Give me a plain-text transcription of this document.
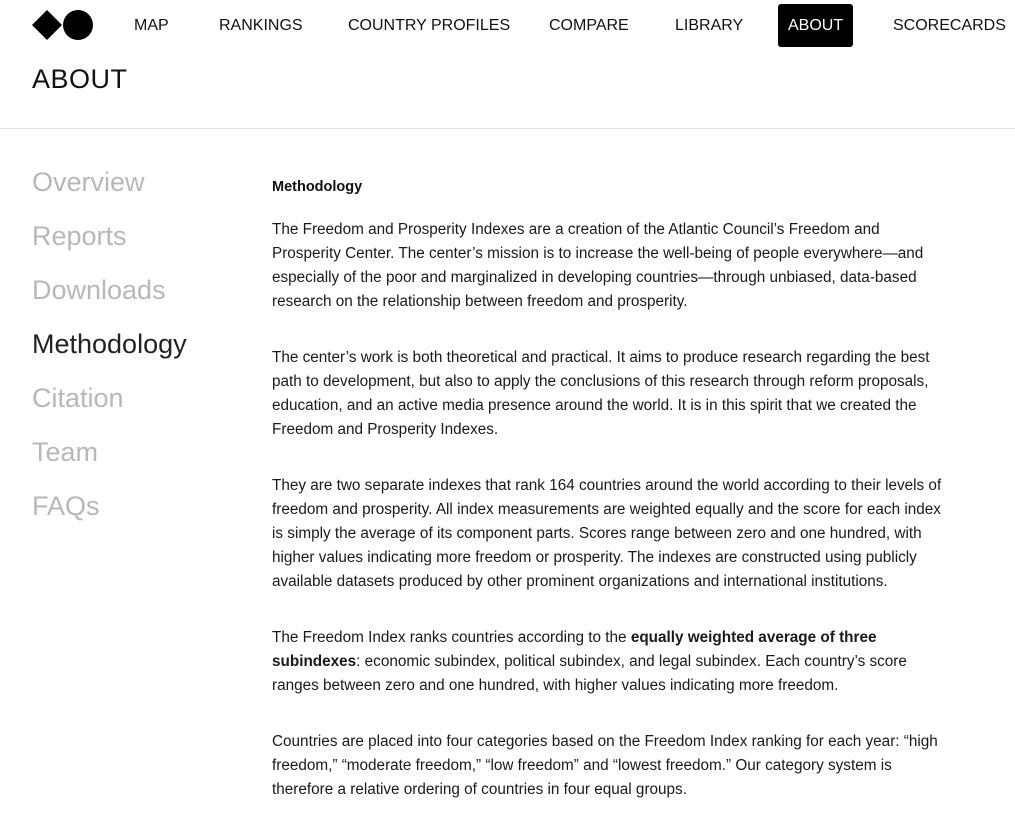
MAP	RANKINGS	COUNTRY PROFILES COMPARE	LIBRARY	ABOUT	SCORECARDS
ABOUT
Overview
Reports
Downloads
Methodology
Citation
Team
FAQs
Methodology

The Freedom and Prosperity Indexes are a creation of the Atlantic Council’s Freedom and Prosperity Center. The center’s mission is to increase the well-being of people everywhere—and especially of the poor and marginalized in developing countries—through unbiased, data-based research on the relationship between freedom and prosperity.

The center’s work is both theoretical and practical. It aims to produce research regarding the best path to development, but also to apply the conclusions of this research through reform proposals, education, and an active media presence around the world. It is in this spirit that we created the Freedom and Prosperity Indexes.

They are two separate indexes that rank 164 countries around the world according to their levels of freedom and prosperity. All index measurements are weighted equally and the score for each index is simply the average of its component parts. Scores range between zero and one hundred, with higher values indicating more freedom or prosperity. The indexes are constructed using publicly available datasets produced by other prominent organizations and international institutions.

The Freedom Index ranks countries according to the equally weighted average of three subindexes: economic subindex, political subindex, and legal subindex. Each country’s score ranges between zero and one hundred, with higher values indicating more freedom.

Countries are placed into four categories based on the Freedom Index ranking for each year: “high freedom,” “moderate freedom,” “low freedom” and “lowest freedom.” Our category system is therefore a relative ordering of countries in four equal groups.
